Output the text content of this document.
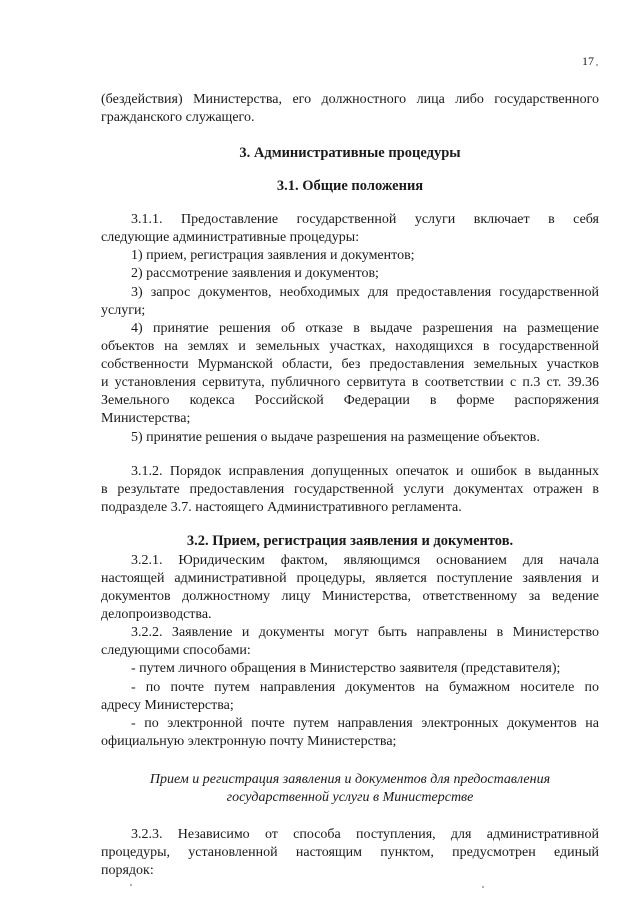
17

(бездействия) Министерства, его должностного лица либо государственного

гражданского служащего.

3. Административные процедуры

3.1. Общие положения

3.1.1. Предоставление государственной услуги включает в себя

следующие административные процедуры:

1) прием, регистрация заявления и документов;

2) рассмотрение заявления и документов;

3) запрос документов, необходимых для предоставления государственной

услуги;

4) принятие решения об отказе в выдаче разрешения на размещение

объектов на землях и земельных участках, находящихся в государственной

собственности Мурманской области, без предоставления земельных участков

и установления сервитута, публичного сервитута в соответствии с п.3 ст. 39.36

Земельного кодекса Российской Федерации в форме распоряжения

Министерства;

5) принятие решения о выдаче разрешения на размещение объектов.

3.1.2. Порядок исправления допущенных опечаток и ошибок в выданных

в результате предоставления государственной услуги документах отражен в

подразделе 3.7. настоящего Административного регламента.

3.2. Прием, регистрация заявления и документов.

3.2.1. Юридическим фактом, являющимся основанием для начала

настоящей административной процедуры, является поступление заявления и

документов должностному лицу Министерства, ответственному за ведение

делопроизводства.

3.2.2. Заявление и документы могут быть направлены в Министерство

следующими способами:

- путем личного обращения в Министерство заявителя (представителя);

- по почте путем направления документов на бумажном носителе по

адресу Министерства;

- по электронной почте путем направления электронных документов на

официальную электронную почту Министерства;

Прием и регистрация заявления и документов для предоставления

государственной услуги в Министерстве

3.2.3. Независимо от способа поступления, для административной

процедуры, установленной настоящим пунктом, предусмотрен единый

порядок:
